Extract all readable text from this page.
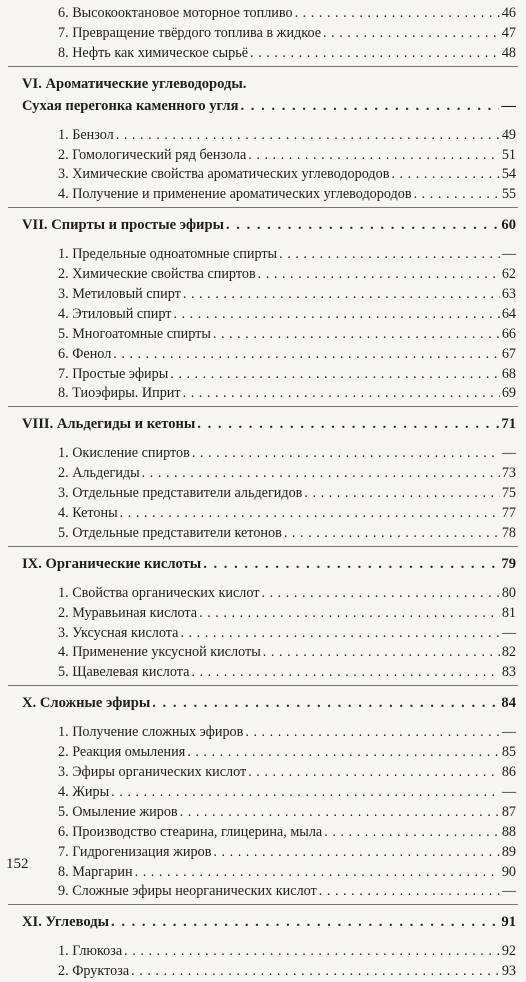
6. Высокооктановое моторное топливо . . .	46
7. Превращение твёрдого топлива в жидкое . . .	47
8. Нефть как химическое сырьё . . .	48
VI. Ароматические углеводороды.
Сухая перегонка каменного угля . . .	—
1. Бензол . . .	49
2. Гомологический ряд бензола . . .	51
3. Химические свойства ароматических углеводородов . . .	54
4. Получение и применение ароматических углеводородов . . .	55
VII. Спирты и простые эфиры . . .	60
1. Предельные одноатомные спирты . . .	—
2. Химические свойства спиртов . . .	62
3. Метиловый спирт . . .	63
4. Этиловый спирт . . .	64
5. Многоатомные спирты . . .	66
6. Фенол . . .	67
7. Простые эфиры . . .	68
8. Тиоэфиры. Иприт . . .	69
VIII. Альдегиды и кетоны . . .	71
1. Окисление спиртов . . .	—
2. Альдегиды . . .	73
3. Отдельные представители альдегидов . . .	75
4. Кетоны . . .	77
5. Отдельные представители кетонов . . .	78
IX. Органические кислоты . . .	79
1. Свойства органических кислот . . .	80
2. Муравьиная кислота . . .	81
3. Уксусная кислота . . .	—
4. Применение уксусной кислоты . . .	82
5. Щавелевая кислота . . .	83
X. Сложные эфиры . . .	84
1. Получение сложных эфиров . . .	—
2. Реакция омыления . . .	85
3. Эфиры органических кислот . . .	86
4. Жиры . . .	—
5. Омыление жиров . . .	87
6. Производство стеарина, глицерина, мыла . . .	88
7. Гидрогенизация жиров . . .	89
8. Маргарин . . .	90
9. Сложные эфиры неорганических кислот . . .	—
XI. Углеводы . . .	91
1. Глюкоза . . .	92
2. Фруктоза . . .	93
152
